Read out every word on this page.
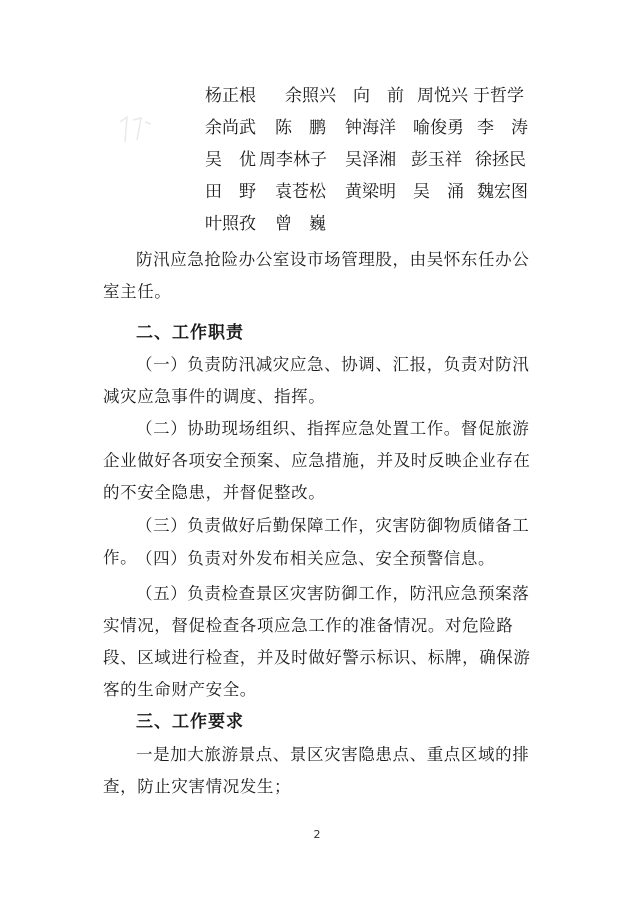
杨正根 余照兴 向　前 周悦兴 于哲学
余尚武 陈　鹏 钟海洋 喻俊勇 李　涛
吴　优 周李林子 吴泽湘 彭玉祥 徐拯民
田　野 袁苍松 黄梁明 吴　涌 魏宏图
叶照孜 曾　巍

防汛应急抢险办公室设市场管理股，由吴怀东任办公室主任。

二、工作职责

（一）负责防汛减灾应急、协调、汇报，负责对防汛减灾应急事件的调度、指挥。

（二）协助现场组织、指挥应急处置工作。督促旅游企业做好各项安全预案、应急措施，并及时反映企业存在的不安全隐患，并督促整改。

（三）负责做好后勤保障工作，灾害防御物质储备工作。

（四）负责对外发布相关应急、安全预警信息。

（五）负责检查景区灾害防御工作，防汛应急预案落实情况，督促检查各项应急工作的准备情况。对危险路段、区域进行检查，并及时做好警示标识、标牌，确保游客的生命财产安全。

三、工作要求

一是加大旅游景点、景区灾害隐患点、重点区域的排查，防止灾害情况发生；

2
